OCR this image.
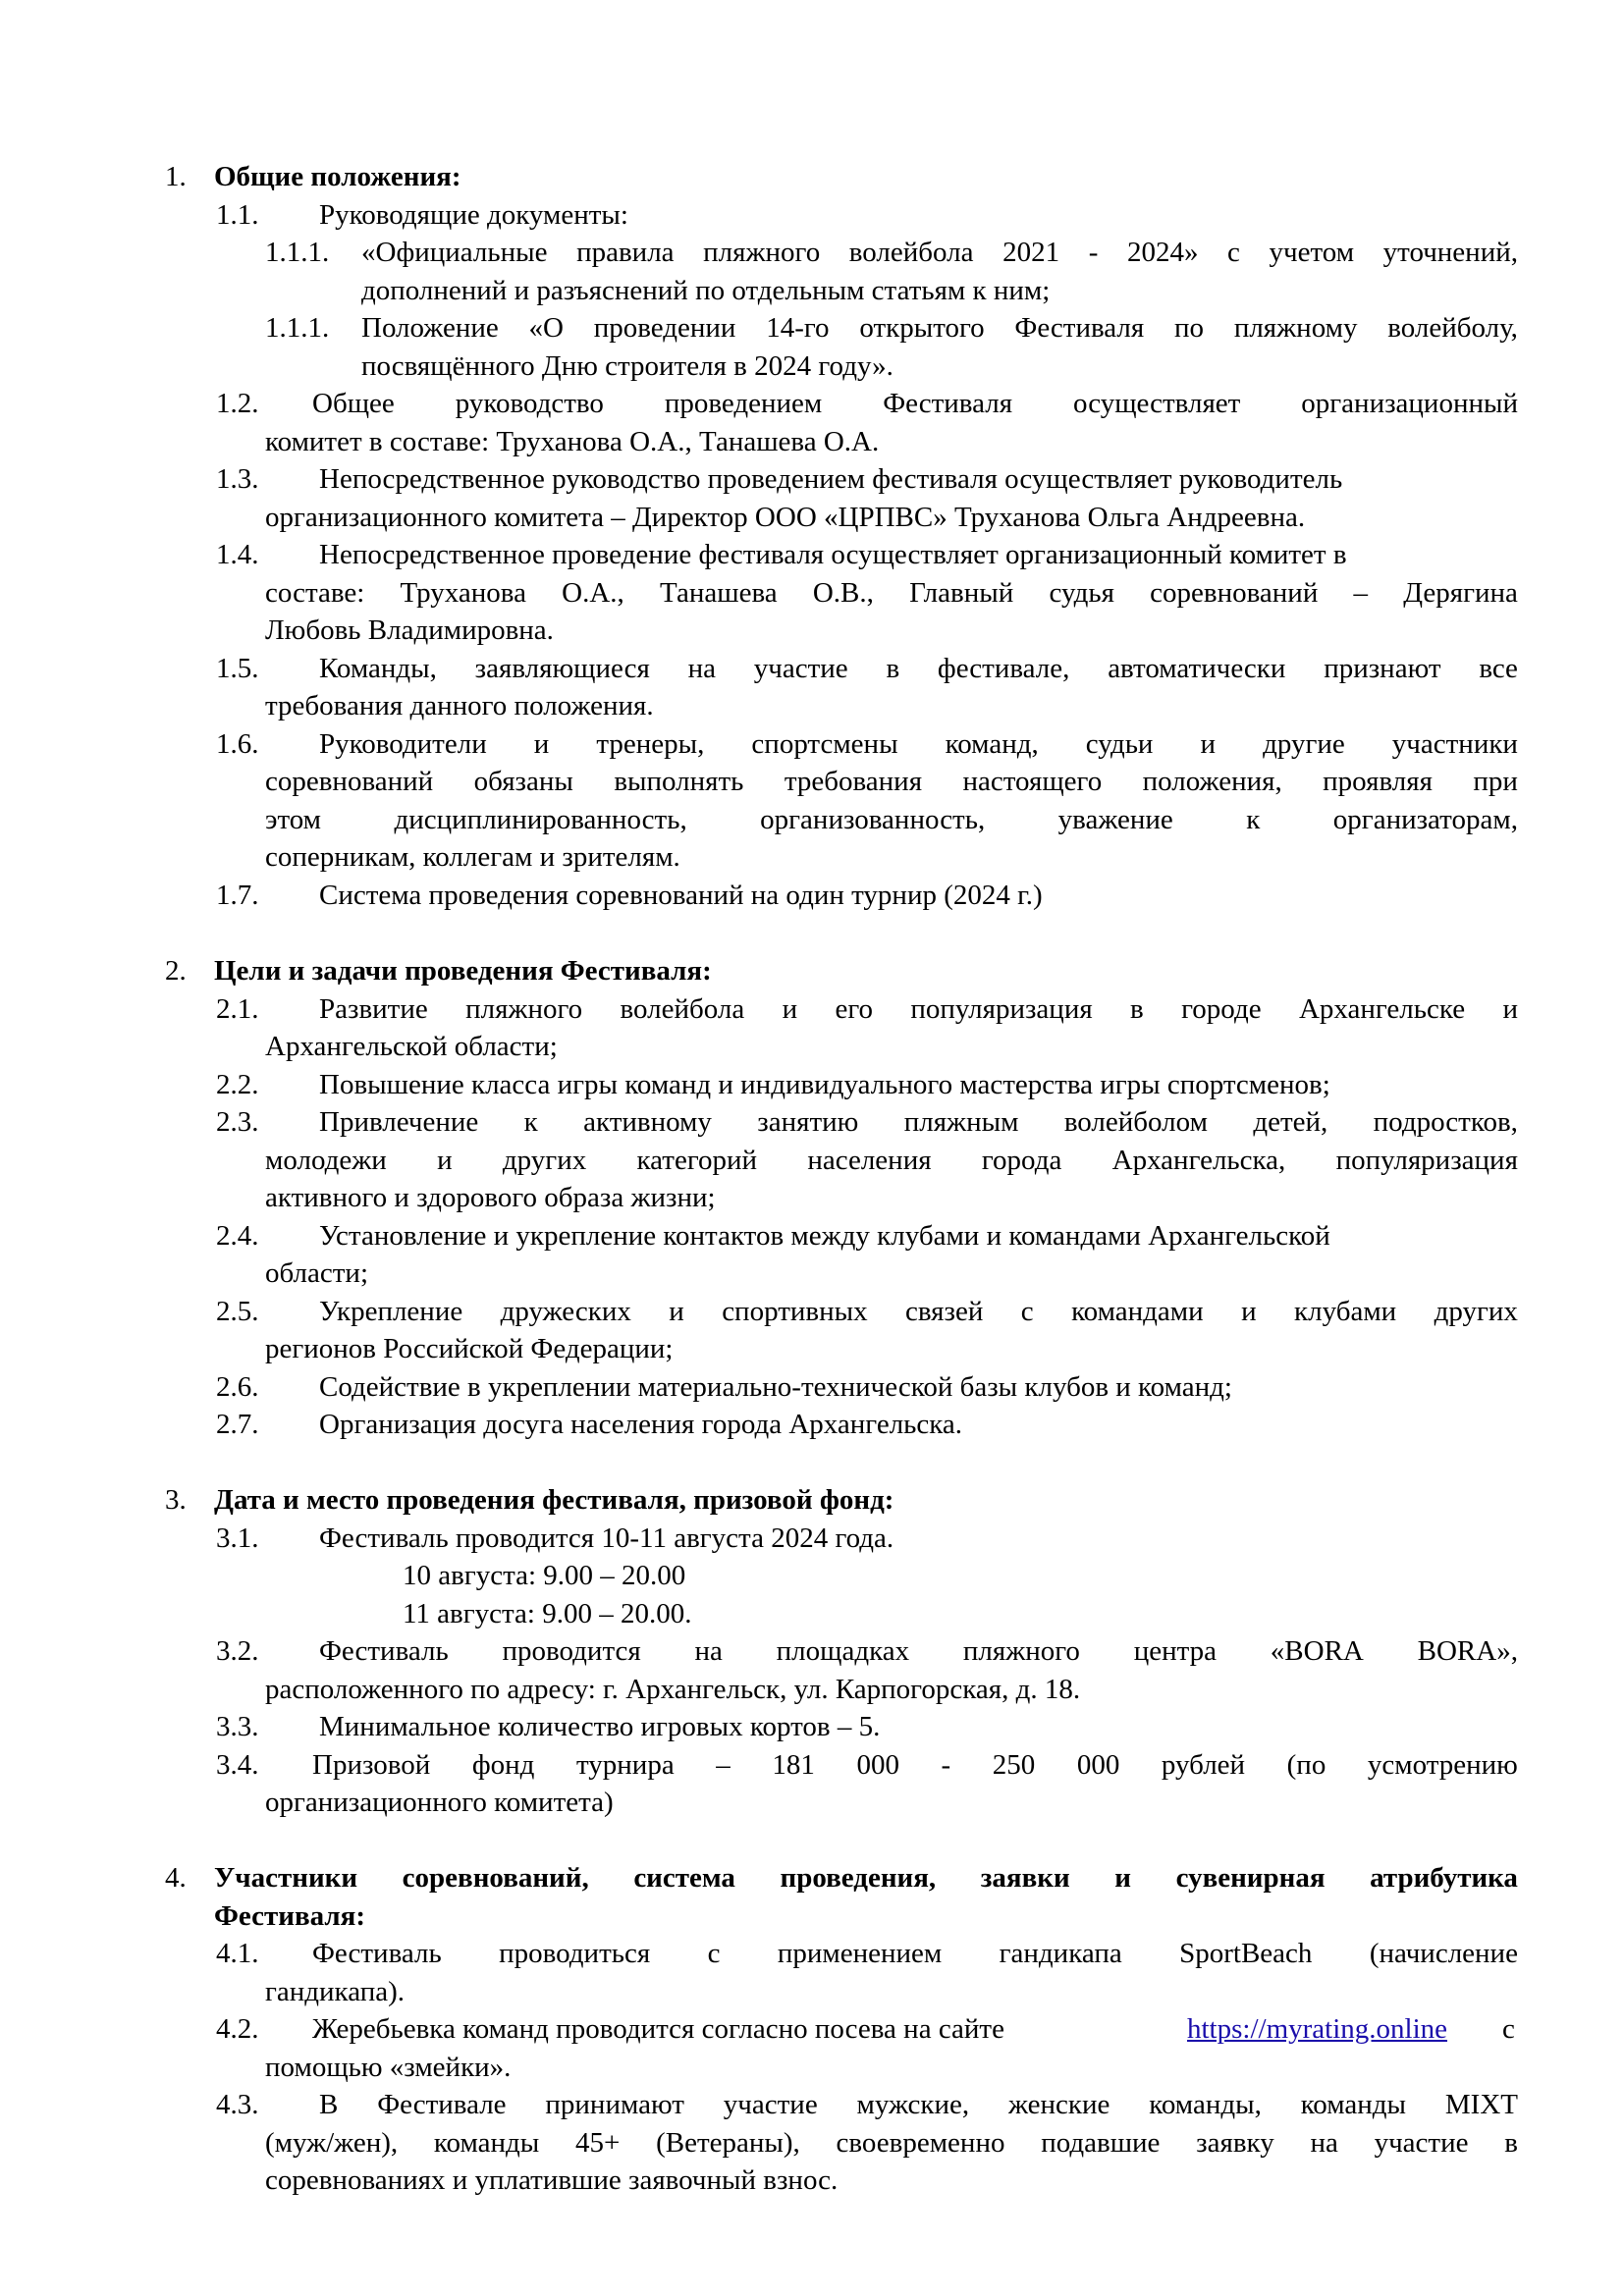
1. Общие положения:
1.1. Руководящие документы:
1.1.1. «Официальные правила пляжного волейбола 2021 - 2024» с учетом уточнений,
дополнений и разъяснений по отдельным статьям к ним;
1.1.1. Положение «О проведении 14-го открытого Фестиваля по пляжному волейболу,
посвящённого Дню строителя в 2024 году».
1.2. Общее руководство проведением Фестиваля осуществляет организационный
комитет в составе: Труханова О.А., Танашева О.А.
1.3. Непосредственное руководство проведением фестиваля осуществляет руководитель
организационного комитета – Директор ООО «ЦРПВС» Труханова Ольга Андреевна.
1.4. Непосредственное проведение фестиваля осуществляет организационный комитет в
составе: Труханова О.А., Танашева О.В., Главный судья соревнований – Дерягина
Любовь Владимировна.
1.5. Команды, заявляющиеся на участие в фестивале, автоматически признают все
требования данного положения.
1.6. Руководители и тренеры, спортсмены команд, судьи и другие участники
соревнований обязаны выполнять требования настоящего положения, проявляя при
этом	дисциплинированность,	организованность,	уважение	к	организаторам,
соперникам, коллегам и зрителям.
1.7. Система проведения соревнований на один турнир (2024 г.)
2. Цели и задачи проведения Фестиваля:
2.1. Развитие пляжного волейбола и его популяризация в городе Архангельске и
Архангельской области;
2.2. Повышение класса игры команд и индивидуального мастерства игры спортсменов;
2.3. Привлечение к активному занятию пляжным волейболом детей, подростков,
молодежи и других категорий населения города Архангельска, популяризация
активного и здорового образа жизни;
2.4. Установление и укрепление контактов между клубами и командами Архангельской
области;
2.5. Укрепление дружеских и спортивных связей с командами и клубами других
регионов Российской Федерации;
2.6. Содействие в укреплении материально-технической базы клубов и команд;
2.7. Организация досуга населения города Архангельска.
3. Дата и место проведения фестиваля, призовой фонд:
3.1. Фестиваль проводится 10-11 августа 2024 года.
10 августа: 9.00 – 20.00
11 августа: 9.00 – 20.00.
3.2. Фестиваль проводится на площадках пляжного центра «BORA BORA»,
расположенного по адресу: г. Архангельск, ул. Карпогорская, д. 18.
3.3. Минимальное количество игровых кортов – 5.
3.4. Призовой фонд турнира – 181 000 - 250 000 рублей (по усмотрению
организационного комитета)
4. Участники соревнований, система проведения, заявки и сувенирная атрибутика
Фестиваля:
4.1. Фестиваль проводиться с применением гандикапа SportBeach (начисление
гандикапа).
4.2. Жеребьевка команд проводится согласно посева на сайте	https://myrating.online с
помощью «змейки».
4.3. В Фестивале принимают участие мужские, женские команды, команды MIXT
(муж/жен), команды 45+ (Ветераны), своевременно подавшие заявку на участие в
соревнованиях и уплатившие заявочный взнос.
